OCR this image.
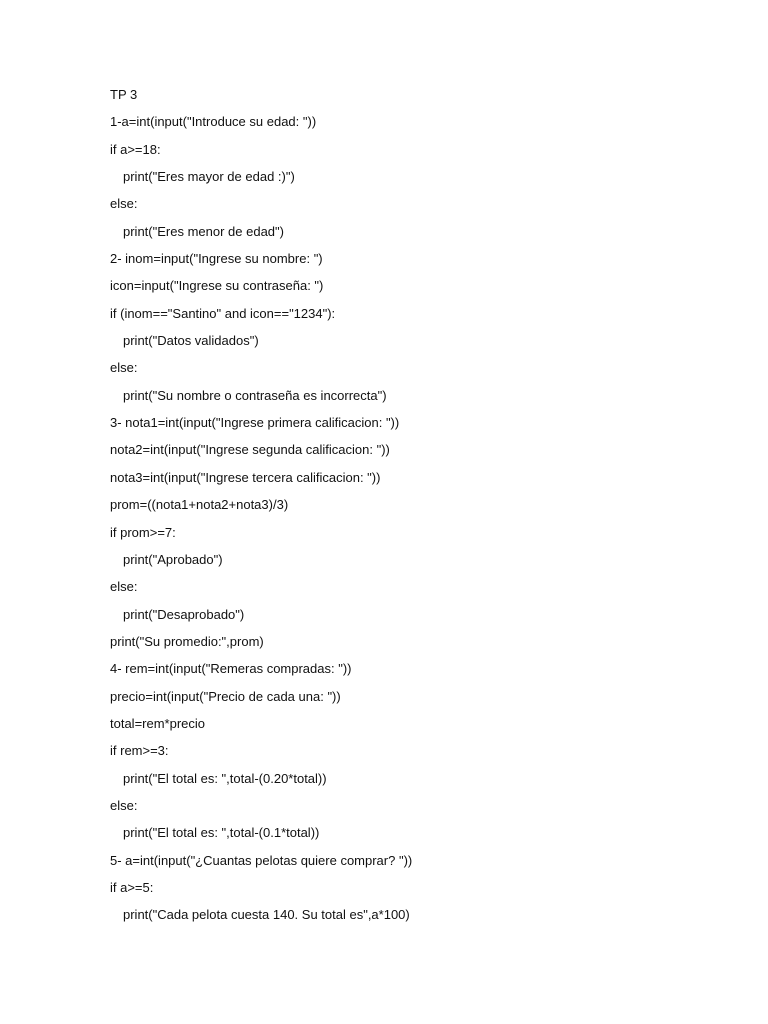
TP 3
1-a=int(input("Introduce su edad: "))
if a>=18:
print("Eres mayor de edad :)")
else:
print("Eres menor de edad")
2- inom=input("Ingrese su nombre: ")
icon=input("Ingrese su contraseña: ")
if (inom=="Santino" and icon=="1234"):
print("Datos validados")
else:
print("Su nombre o contraseña es incorrecta")
3- nota1=int(input("Ingrese primera calificacion: "))
nota2=int(input("Ingrese segunda calificacion: "))
nota3=int(input("Ingrese tercera calificacion: "))
prom=((nota1+nota2+nota3)/3)
if prom>=7:
print("Aprobado")
else:
print("Desaprobado")
print("Su promedio:",prom)
4- rem=int(input("Remeras compradas: "))
precio=int(input("Precio de cada una: "))
total=rem*precio
if rem>=3:
print("El total es: ",total-(0.20*total))
else:
print("El total es: ",total-(0.1*total))
5- a=int(input("¿Cuantas pelotas quiere comprar? "))
if a>=5:
print("Cada pelota cuesta 140. Su total es",a*100)
